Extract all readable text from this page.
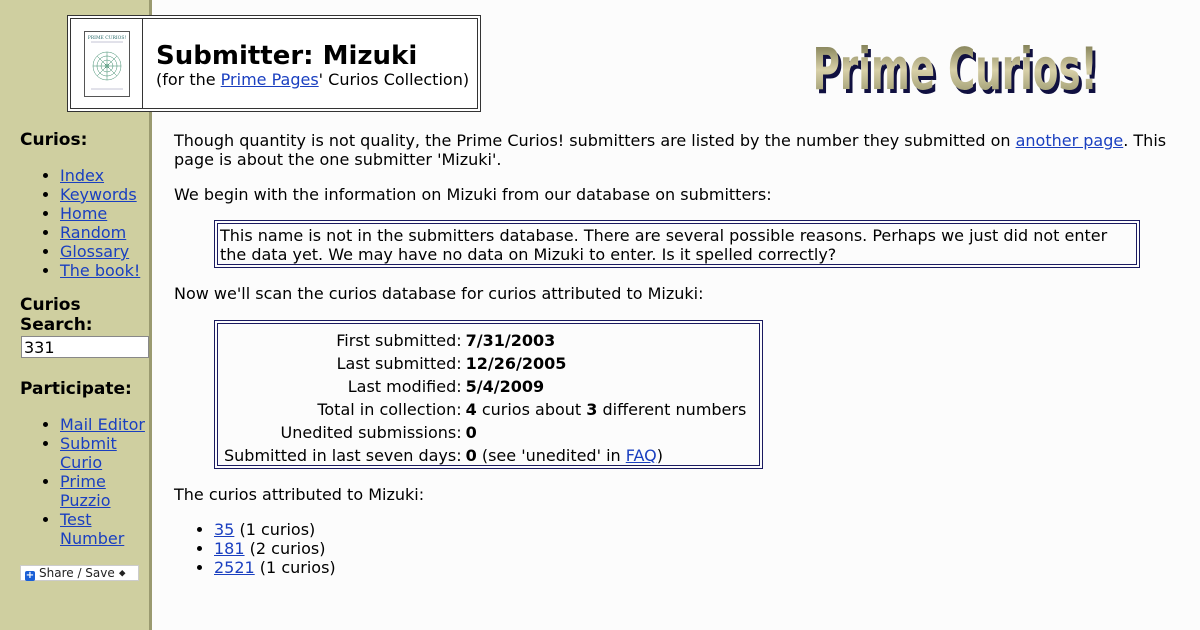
Curios:
• Index
• Keywords
• Home
• Random
• Glossary
• The book!
Curios Search:
331
Participate:
• Mail Editor
• Submit Curio
• Prime Puzzio
• Test Number
+ Share / Save ⯁
PRIME CURIOS!
Submitter: Mizuki
(for the Prime Pages' Curios Collection)	Prime Curios!
Prime Curios!
Though quantity is not quality, the Prime Curios! submitters are listed by the number they submitted on another page. This page is about the one submitter 'Mizuki'.
We begin with the information on Mizuki from our database on submitters:
This name is not in the submitters database. There are several possible reasons. Perhaps we just did not enter the data yet. We may have no data on Mizuki to enter. Is it spelled correctly?
Now we'll scan the curios database for curios attributed to Mizuki:
First submitted:	7/31/2003
Last submitted:	12/26/2005
Last modified:	5/4/2009
Total in collection:	4 curios about 3 different numbers
Unedited submissions:	0
Submitted in last seven days:	0 (see 'unedited' in FAQ)
The curios attributed to Mizuki:
• 35 (1 curios)
• 181 (2 curios)
• 2521 (1 curios)
